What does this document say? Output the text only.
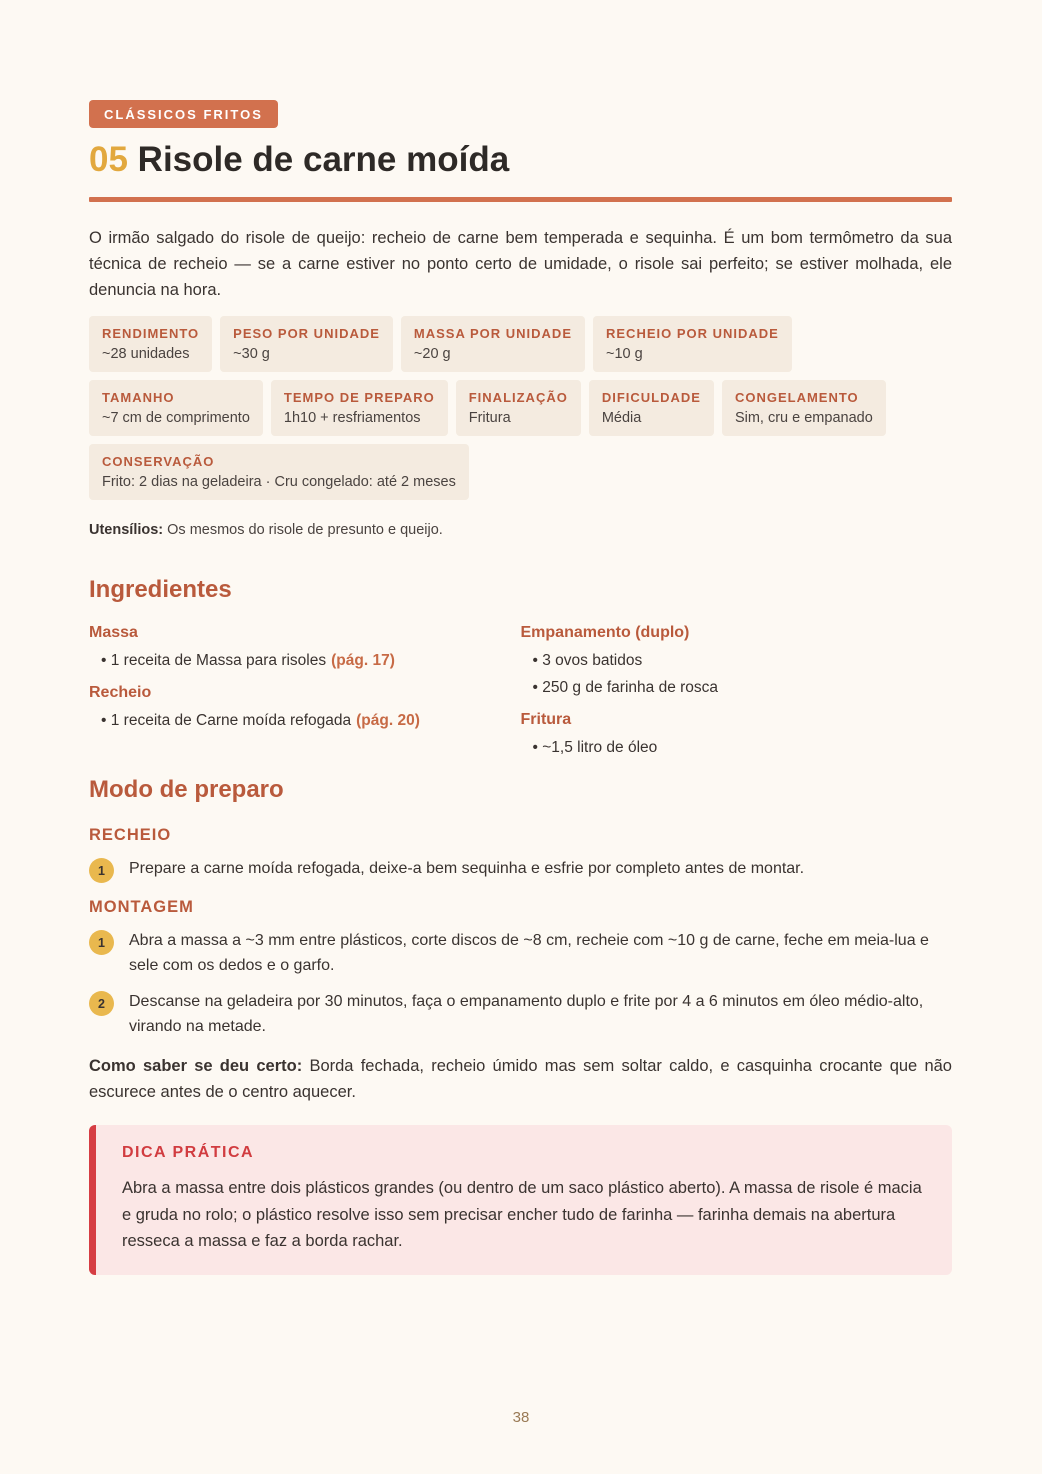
CLÁSSICOS FRITOS
05 Risole de carne moída
O irmão salgado do risole de queijo: recheio de carne bem temperada e sequinha. É um bom termômetro da sua técnica de recheio — se a carne estiver no ponto certo de umidade, o risole sai perfeito; se estiver molhada, ele denuncia na hora.
RENDIMENTO
~28 unidades
PESO POR UNIDADE
~30 g
MASSA POR UNIDADE
~20 g
RECHEIO POR UNIDADE
~10 g
TAMANHO
~7 cm de comprimento
TEMPO DE PREPARO
1h10 + resfriamentos
FINALIZAÇÃO
Fritura
DIFICULDADE
Média
CONGELAMENTO
Sim, cru e empanado
CONSERVAÇÃO
Frito: 2 dias na geladeira · Cru congelado: até 2 meses
Utensílios: Os mesmos do risole de presunto e queijo.
Ingredientes
Massa
• 1 receita de Massa para risoles (pág. 17)
Recheio
• 1 receita de Carne moída refogada (pág. 20)
Empanamento (duplo)
• 3 ovos batidos
• 250 g de farinha de rosca
Fritura
• ~1,5 litro de óleo
Modo de preparo
RECHEIO
1	Prepare a carne moída refogada, deixe-a bem sequinha e esfrie por completo antes de montar.
MONTAGEM
1	Abra a massa a ~3 mm entre plásticos, corte discos de ~8 cm, recheie com ~10 g de carne, feche em meia-lua e sele com os dedos e o garfo.
2	Descanse na geladeira por 30 minutos, faça o empanamento duplo e frite por 4 a 6 minutos em óleo médio-alto, virando na metade.
Como saber se deu certo: Borda fechada, recheio úmido mas sem soltar caldo, e casquinha crocante que não escurece antes de o centro aquecer.
DICA PRÁTICA
Abra a massa entre dois plásticos grandes (ou dentro de um saco plástico aberto). A massa de risole é macia e gruda no rolo; o plástico resolve isso sem precisar encher tudo de farinha — farinha demais na abertura resseca a massa e faz a borda rachar.
38
